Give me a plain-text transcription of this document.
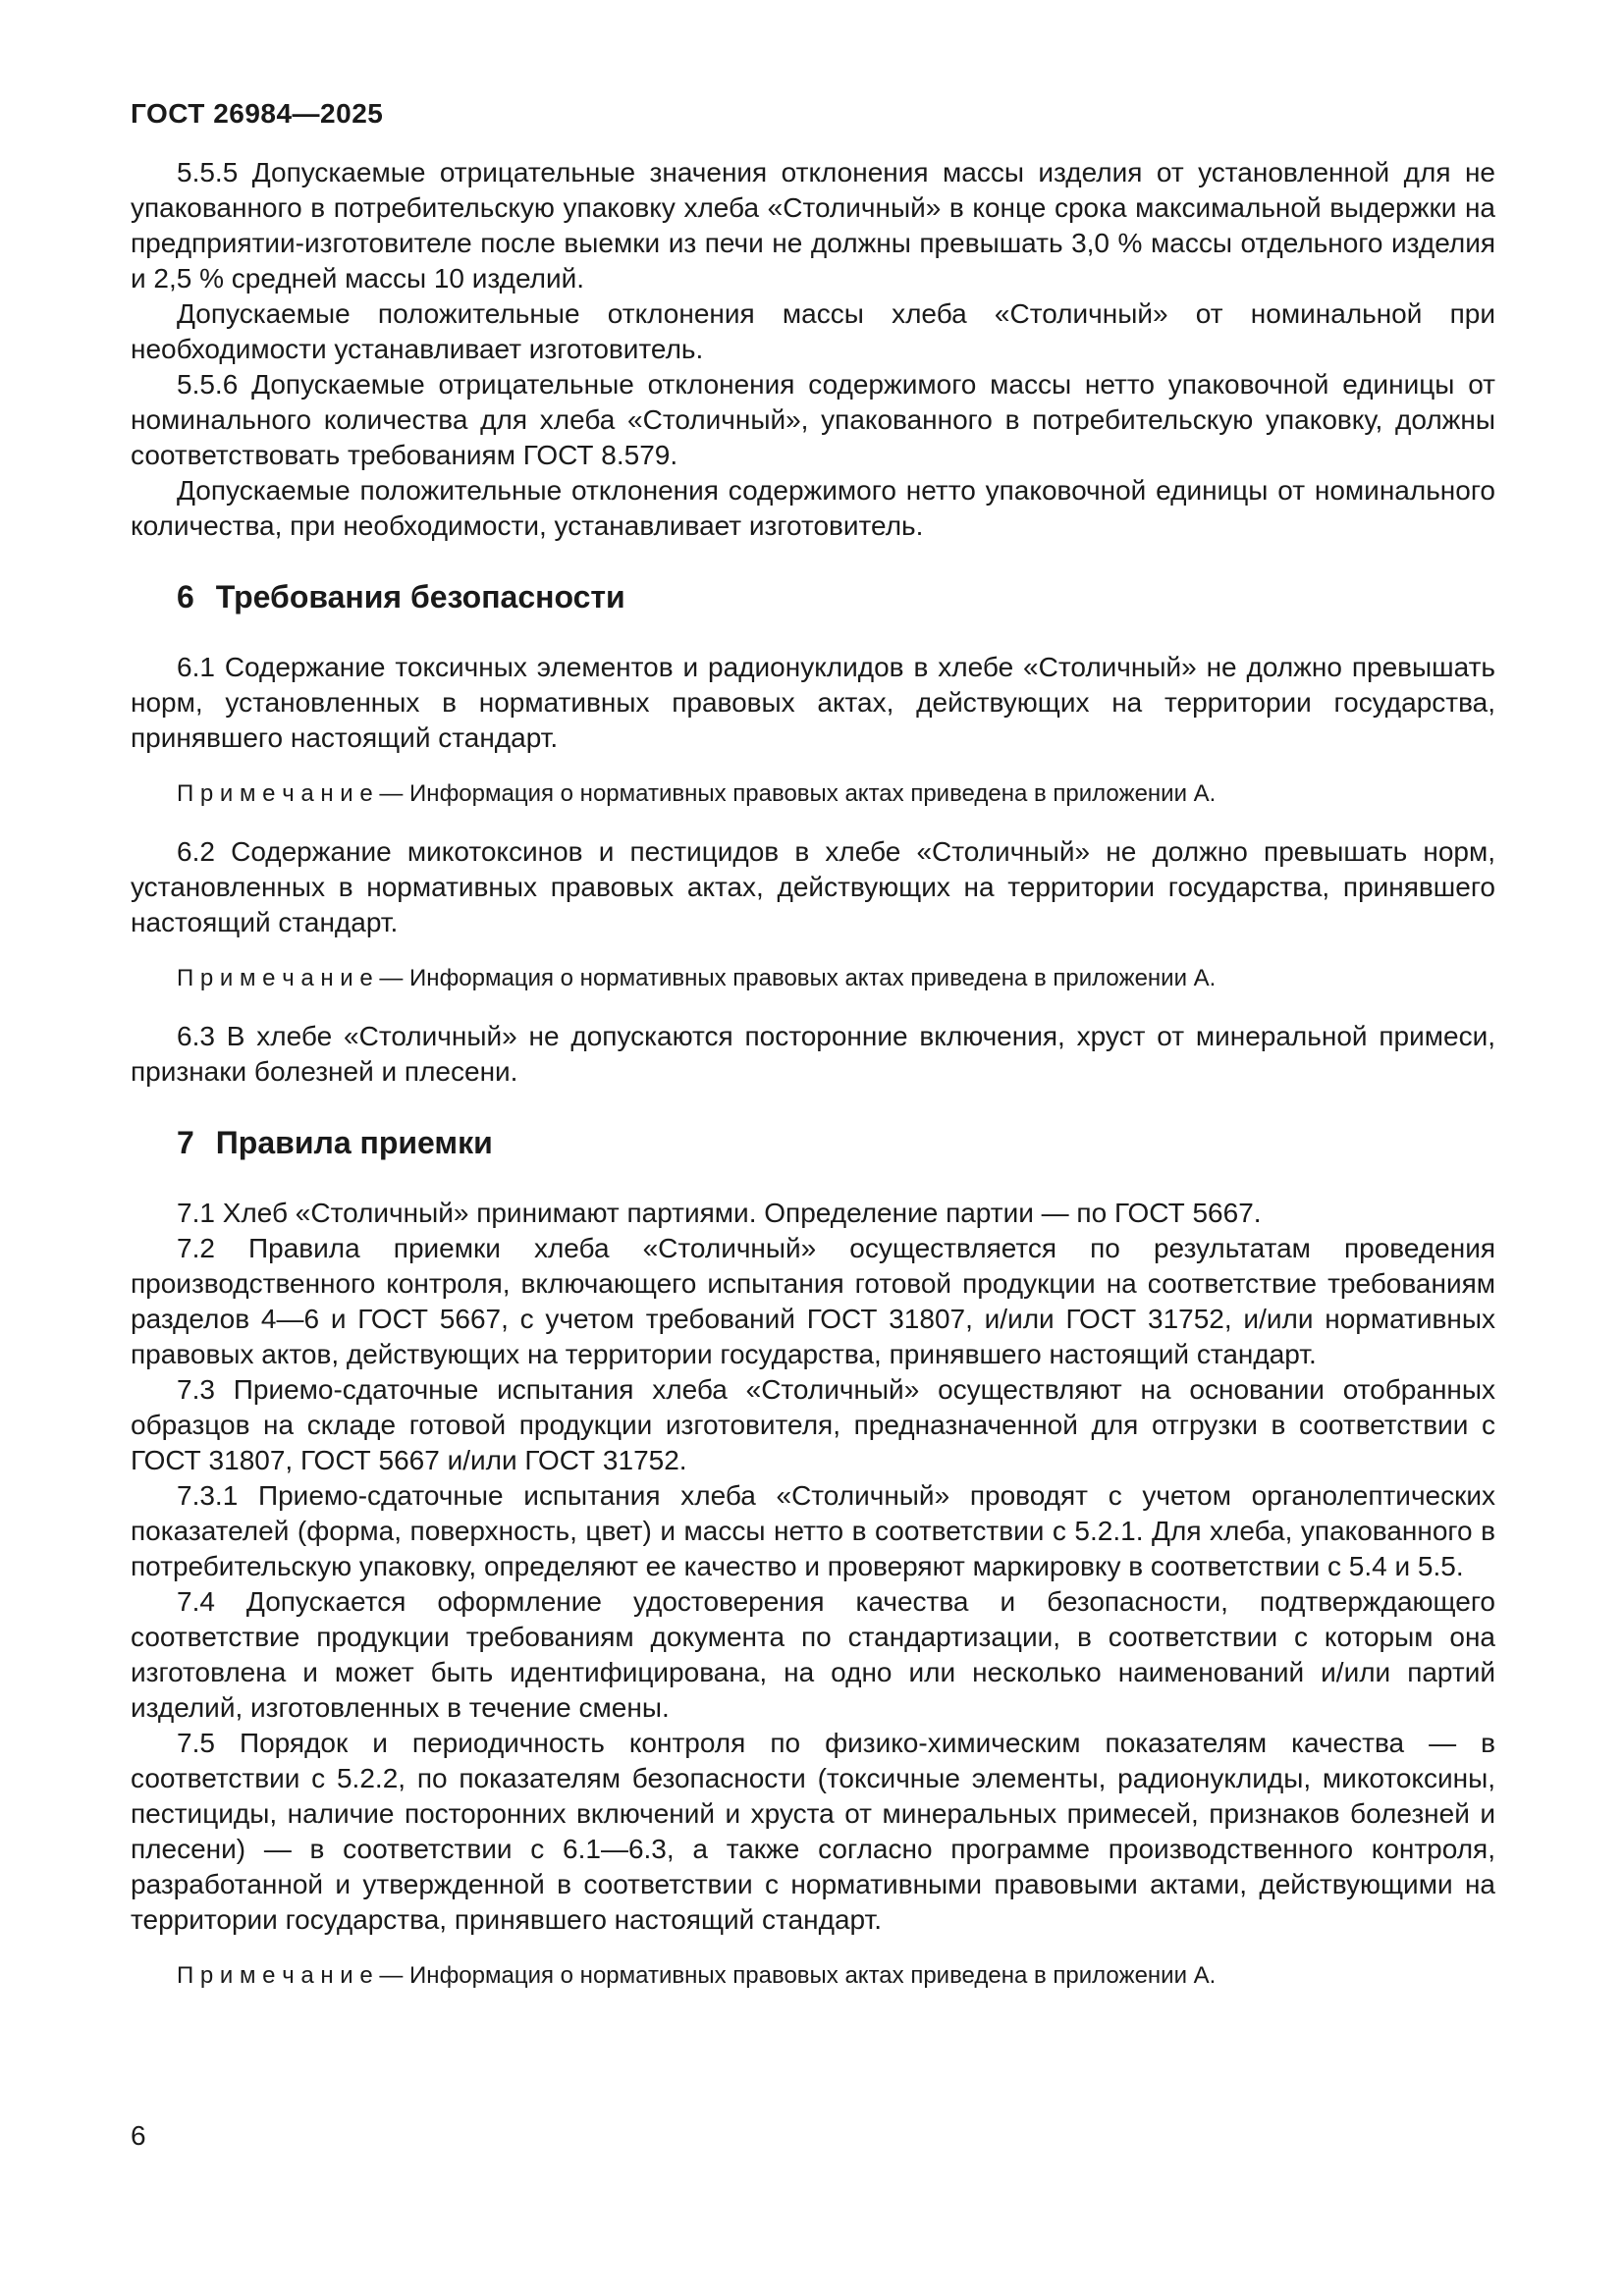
ГОСТ 26984—2025

5.5.5 Допускаемые отрицательные значения отклонения массы изделия от установленной для не упакованного в потребительскую упаковку хлеба «Столичный» в конце срока максимальной выдержки на предприятии-изготовителе после выемки из печи не должны превышать 3,0 % массы отдельного изделия и 2,5 % средней массы 10 изделий.

Допускаемые положительные отклонения массы хлеба «Столичный» от номинальной при необходимости устанавливает изготовитель.

5.5.6 Допускаемые отрицательные отклонения содержимого массы нетто упаковочной единицы от номинального количества для хлеба «Столичный», упакованного в потребительскую упаковку, должны соответствовать требованиям ГОСТ 8.579.

Допускаемые положительные отклонения содержимого нетто упаковочной единицы от номинального количества, при необходимости, устанавливает изготовитель.

6 Требования безопасности

6.1 Содержание токсичных элементов и радионуклидов в хлебе «Столичный» не должно превышать норм, установленных в нормативных правовых актах, действующих на территории государства, принявшего настоящий стандарт.

П р и м е ч а н и е — Информация о нормативных правовых актах приведена в приложении А.

6.2 Содержание микотоксинов и пестицидов в хлебе «Столичный» не должно превышать норм, установленных в нормативных правовых актах, действующих на территории государства, принявшего настоящий стандарт.

П р и м е ч а н и е — Информация о нормативных правовых актах приведена в приложении А.

6.3 В хлебе «Столичный» не допускаются посторонние включения, хруст от минеральной примеси, признаки болезней и плесени.

7 Правила приемки

7.1 Хлеб «Столичный» принимают партиями. Определение партии — по ГОСТ 5667.

7.2 Правила приемки хлеба «Столичный» осуществляется по результатам проведения производственного контроля, включающего испытания готовой продукции на соответствие требованиям разделов 4—6 и ГОСТ 5667, с учетом требований ГОСТ 31807, и/или ГОСТ 31752, и/или нормативных правовых актов, действующих на территории государства, принявшего настоящий стандарт.

7.3 Приемо-сдаточные испытания хлеба «Столичный» осуществляют на основании отобранных образцов на складе готовой продукции изготовителя, предназначенной для отгрузки в соответствии с ГОСТ 31807, ГОСТ 5667 и/или ГОСТ 31752.

7.3.1 Приемо-сдаточные испытания хлеба «Столичный» проводят с учетом органолептических показателей (форма, поверхность, цвет) и массы нетто в соответствии с 5.2.1. Для хлеба, упакованного в потребительскую упаковку, определяют ее качество и проверяют маркировку в соответствии с 5.4 и 5.5.

7.4 Допускается оформление удостоверения качества и безопасности, подтверждающего соответствие продукции требованиям документа по стандартизации, в соответствии с которым она изготовлена и может быть идентифицирована, на одно или несколько наименований и/или партий изделий, изготовленных в течение смены.

7.5 Порядок и периодичность контроля по физико-химическим показателям качества — в соответствии с 5.2.2, по показателям безопасности (токсичные элементы, радионуклиды, микотоксины, пестициды, наличие посторонних включений и хруста от минеральных примесей, признаков болезней и плесени) — в соответствии с 6.1—6.3, а также согласно программе производственного контроля, разработанной и утвержденной в соответствии с нормативными правовыми актами, действующими на территории государства, принявшего настоящий стандарт.

П р и м е ч а н и е — Информация о нормативных правовых актах приведена в приложении А.

6
